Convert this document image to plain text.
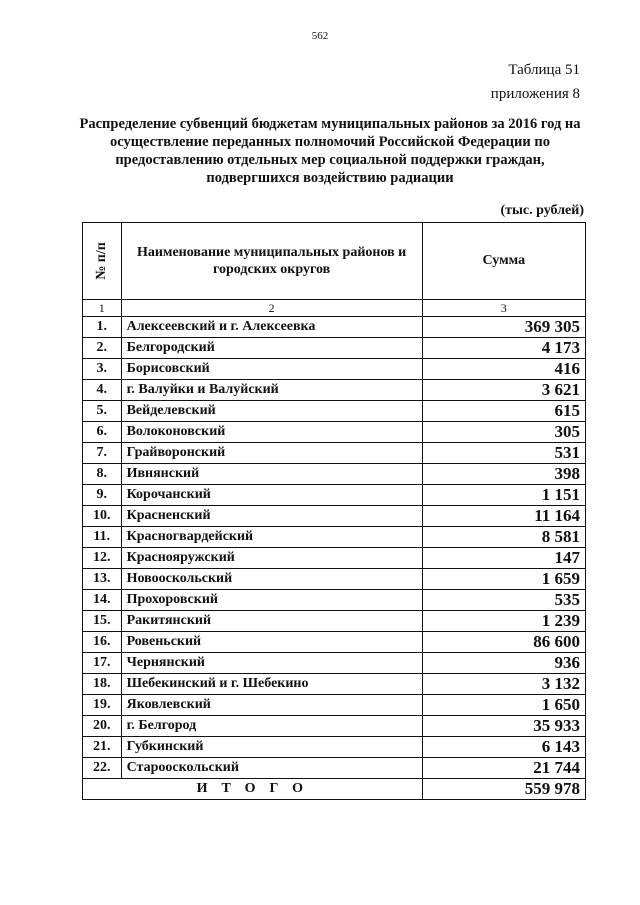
562
Таблица 51
приложения 8
Распределение субвенций бюджетам муниципальных районов за 2016 год на осуществление переданных полномочий Российской Федерации по предоставлению отдельных мер социальной поддержки граждан, подвергшихся воздействию радиации
(тыс. рублей)
№ п/п	Наименование муниципальных районов и городских округов	Сумма
1	2	3
1.	Алексеевский и г. Алексеевка	369 305
2.	Белгородский	4 173
3.	Борисовский	416
4.	г. Валуйки и Валуйский	3 621
5.	Вейделевский	615
6.	Волоконовский	305
7.	Грайворонский	531
8.	Ивнянский	398
9.	Корочанский	1 151
10.	Красненский	11 164
11.	Красногвардейский	8 581
12.	Краснояружский	147
13.	Новооскольский	1 659
14.	Прохоровский	535
15.	Ракитянский	1 239
16.	Ровеньский	86 600
17.	Чернянский	936
18.	Шебекинский и г. Шебекино	3 132
19.	Яковлевский	1 650
20.	г. Белгород	35 933
21.	Губкинский	6 143
22.	Старооскольский	21 744
ИТОГО		559 978
